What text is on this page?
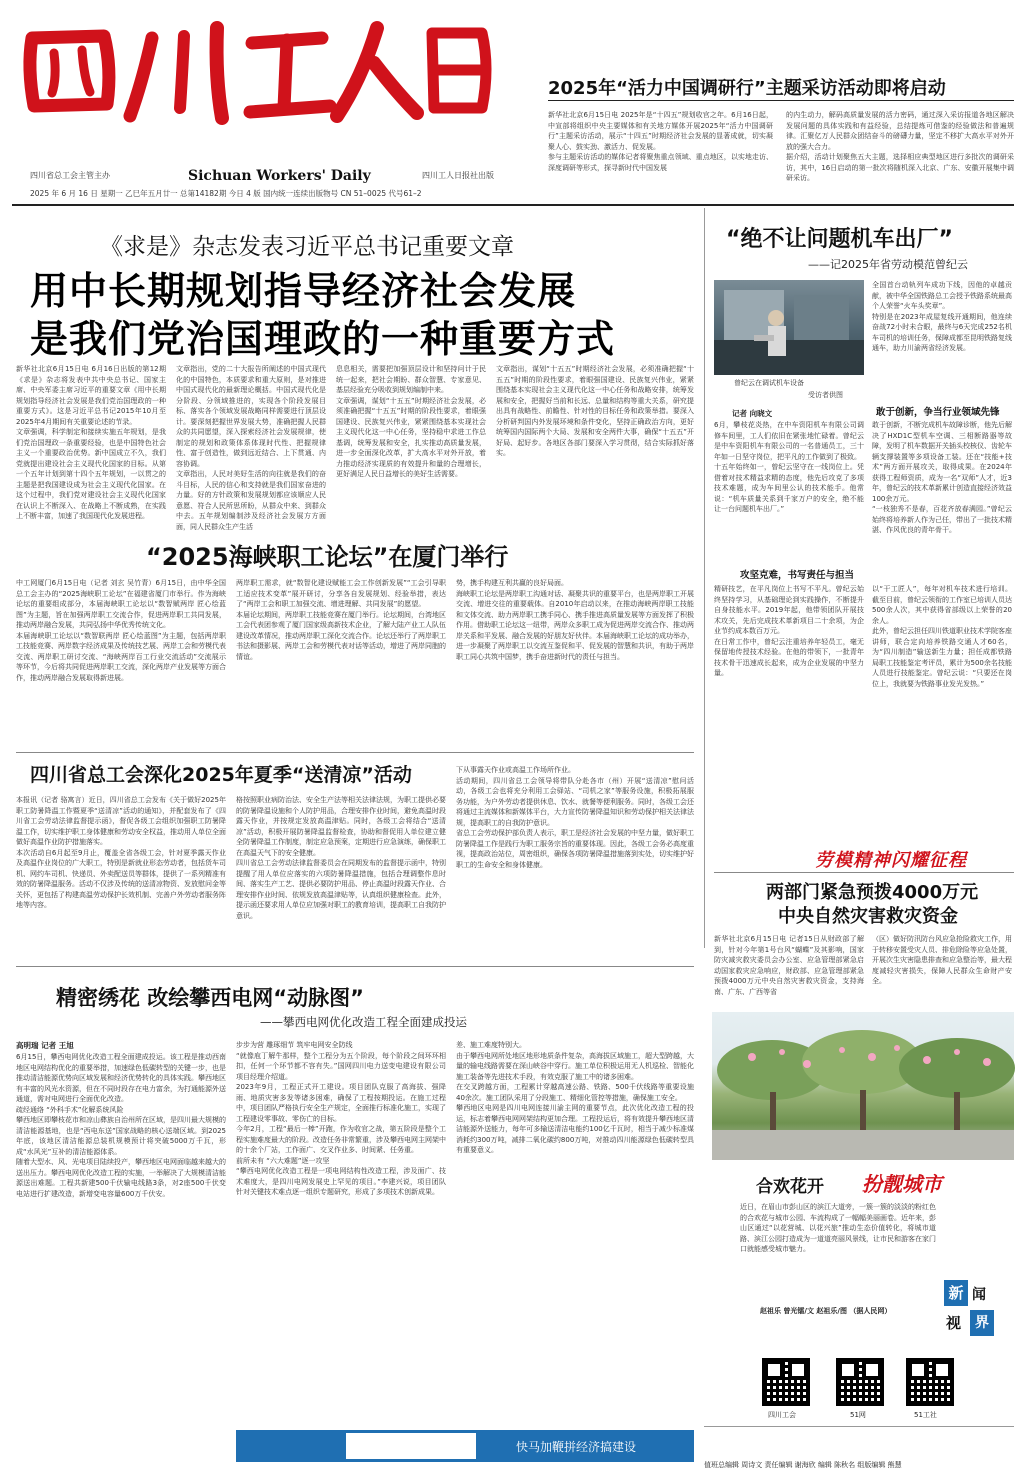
Sichuan Workers' Daily
四川省总工会主管主办	四川工人日报社出版
2025 年 6 月 16 日 星期一 乙巳年五月廿一 总第14182期 今日 4 版 国内统一连续出版物号 CN 51–0025 代号61–2
2025年“活力中国调研行”主题采访活动即将启动
新华社北京6月15日电 2025年是“十四五”规划收官之年。6月16日起，中宣部将组织中央主要媒体和有关地方媒体开展2025年“活力中国调研行”主题采访活动，展示“十四五”时期经济社会发展的显著成就，切实凝聚人心、鼓实劲、激活力、促发展。
参与主题采访活动的媒体记者将聚焦重点领域、重点地区，以实地走访、深度调研等形式，探寻新时代中国发展
的内生动力，解码高质量发展的活力密码，通过深入采访报道各地区解决发展问题的具体实践和有益经验，总结提炼可借鉴的经验做法和普遍规律。汇聚亿万人民群众团结奋斗的磅礴力量，坚定不移扩大高水平对外开放的强大合力。
据介绍，活动计划聚焦五大主题，选择相应典型地区进行多批次的调研采访，其中，16日启动的第一批次将随机深入北京、广东、安徽开展集中调研采访。
《求是》杂志发表习近平总书记重要文章
用中长期规划指导经济社会发展
是我们党治国理政的一种重要方式
新华社北京6月15日电 6月16日出版的第12期《求是》杂志将发表中共中央总书记、国家主席、中央军委主席习近平的重要文章《用中长期规划指导经济社会发展是我们党治国理政的一种重要方式》。这是习近平总书记2015年10月至2025年4月期间有关重要论述的节录。
文章强调，科学制定和接续实施五年规划，是我们党治国理政一条重要经验，也是中国特色社会主义一个重要政治优势。新中国成立不久，我们党就提出建设社会主义现代化国家的目标。从第一个五年计划到第十四个五年规划，一以贯之的主题是把我国建设成为社会主义现代化国家。在这个过程中，我们党对建设社会主义现代化国家在认识上不断深入、在战略上不断成熟，在实践上不断丰富，加速了我国现代化发展进程。
文章指出，党的二十大报告所阐述的中国式现代化的中国特色，本质要求和重大原则，是对推进中国式现代化的最新理论概括。中国式现代化是分阶段、分领域推进的，实现各个阶段发展目标、落实各个领域发展战略同样需要进行顶层设计。要深刻把握世界发展大势，准确把握人民群众的共同愿望，深入探索经济社会发展规律，使制定的规划和政策体系体现时代性、把握规律性、富于创造性，做到远近结合、上下贯通、内容协调。
文章指出，人民对美好生活的向往就是我们的奋斗目标，人民的信心和支持就是我们国家奋进的力量。好的方针政策和发展规划都应该顺应人民意愿、符合人民所思所盼，从群众中来、到群众中去。五年规划编制涉及经济社会发展方方面面，同人民群众生产生活
息息相关，需要把加强顶层设计和坚持问计于民统一起来，把社会期盼、群众智慧、专家意见、基层经验充分吸收到规划编制中来。
文章强调，谋划“十五五”时期经济社会发展，必须准确把握“十五五”时期的阶段性要求，着眼强国建设、民族复兴伟业，紧紧围绕基本实现社会主义现代化这一中心任务，坚持稳中求进工作总基调，统筹发展和安全，扎实推动高质量发展，进一步全面深化改革，扩大高水平对外开放，着力推动经济实现质的有效提升和量的合理增长，更好满足人民日益增长的美好生活需要。
文章指出，谋划“十五五”时期经济社会发展，必须准确把握“十五五”时期的阶段性要求，着眼强国建设、民族复兴伟业，紧紧围绕基本实现社会主义现代化这一中心任务和战略安排，统筹发展和安全，把握好当前和长远、总量和结构等重大关系，研究提出具有战略性、前瞻性、针对性的目标任务和政策举措。要深入分析研判国内外发展环境和条件变化，坚持正确政治方向，更好统筹国内国际两个大局、发展和安全两件大事，确保“十五五”开好局、起好步。各地区各部门要深入学习贯彻，结合实际抓好落实。
“2025海峡职工论坛”在厦门举行
中工网厦门6月15日电（记者 刘玄 吴竹青）6月15日，由中华全国总工会主办的“2025海峡职工论坛”在福建省厦门市举行。作为海峡论坛的重要组成部分，本届海峡职工论坛以“数智赋两岸 匠心绘蓝图”为主题，旨在加强两岸职工交流合作，促进两岸职工共同发展，推动两岸融合发展，共同弘扬中华优秀传统文化。
本届海峡职工论坛以“数智联两岸 匠心绘蓝图”为主题，包括两岸职工技能竞赛、两岸数字经济成果及传统技艺展、两岸工会和劳模代表交流、两岸职工研讨交流、“海峡两岸百工行业交流活动”交流展示等环节，今后将共同促进两岸职工交流，深化两岸产业发展等方面合作，推动两岸融合发展取得新进展。
两岸职工需求，就“数智化建设赋能工会工作创新发展”“工会引导职工适应技术变革”展开研讨，分享各自发展规划、经验举措，表达了“两岸工会和职工加强交流、增进理解、共同发展”的愿望。
本届论坛期间，两岸职工技能竞赛在厦门举行。论坛期间，台湾地区工会代表团参观了厦门国家级高新技术企业，了解大陆产业工人队伍建设改革情况，推动两岸职工深化交流合作。论坛还举行了两岸职工书法和摄影展、两岸工会和劳模代表对话等活动，增进了两岸同胞的情谊。
势，携手构建互利共赢的良好局面。
海峡职工论坛是两岸职工沟通对话、凝聚共识的重要平台，也是两岸职工开展交流、增进交往的重要载体。自2010年启动以来，在推动海峡两岸职工技能和文体交流、助力两岸职工携手同心、携手推进高质量发展等方面发挥了积极作用。借助职工论坛这一纽带，两岸众多职工成为促进两岸交流合作、推动两岸关系和平发展、融合发展的好朋友好伙伴。本届海峡职工论坛的成功举办，进一步凝聚了两岸职工以交流互鉴促和平、促发展的智慧和共识，有助于两岸职工同心共筑中国梦，携手奋进新时代的责任与担当。
四川省总工会深化2025年夏季“送清凉”活动
本报讯（记者 骆寓言）近日，四川省总工会发布《关于做好2025年职工防暑降温工作暨夏季“送清凉”活动的通知》，并配套发布了《四川省工会劳动法律监督提示函》，督促各级工会组织加强职工防暑降温工作，切实维护职工身体健康和劳动安全权益，推动用人单位全面做好高温作业防护措施落实。
本次活动自6月起至9月止，覆盖全省各级工会，针对夏季露天作业及高温作业岗位的广大职工，特别是新就业形态劳动者，包括货车司机、网约车司机、快递员、外卖配送员等群体，提供了一系列精准有效的防暑降温服务。活动不仅涉及传统的送清凉物资、发放慰问金等关怀，更包括了构建高温劳动保护长效机制、完善户外劳动者服务阵地等内容。
格按照职业病防治法、安全生产法等相关法律法规，为职工提供必要的防暑降温设施和个人防护用品，合理安排作业时间，避免高温时段露天作业，并按规定发放高温津贴。同时，各级工会将结合“送清凉”活动，积极开展防暑降温监督检查，协助和督促用人单位建立健全防暑降温工作制度，制定应急预案，定期进行应急演练，确保职工在高温天气下的安全健康。
四川省总工会劳动法律监督委员会在同期发布的监督提示函中，特别提醒了用人单位应落实的六项防暑降温措施，包括合理调整作息时间、落实生产工艺、提供必要防护用品、停止高温时段露天作业、合理安排作业时间、依规发放高温津贴等，认真组织健康检查。此外，提示函还要求用人单位应加强对职工的教育培训，提高职工自我防护意识。
下从事露天作业或高温工作场所作业。
活动期间，四川省总工会领导将带队分赴各市（州）开展“送清凉”慰问活动，各级工会也将充分利用工会驿站、“司机之家”等服务设施，积极拓展服务功能，为户外劳动者提供休息、饮水、就餐等便利服务。同时，各级工会还将通过主流媒体和新媒体平台，大力宣传防暑降温知识和劳动保护相关法律法规，提高职工的自我防护意识。
省总工会劳动保护部负责人表示，职工是经济社会发展的中坚力量，做好职工防暑降温工作是践行为职工服务宗旨的重要体现。因此，各级工会务必高度重视，提高政治站位，周密组织，确保各项防暑降温措施落到实处，切实维护好职工的生命安全和身体健康。
精密绣花 改绘攀西电网“动脉图”
——攀西电网优化改造工程全面建成投运
高明瑞 记者 王旭
6月15日，攀西电网优化改造工程全面建成投运。该工程是推动西南地区电网结构优化的重要举措，加速绿色低碳转型的关键一步，也是推动清洁能源优势向区域发展和经济优势转化的具体实践。攀西地区有丰富的风光水资源，但在不同时段存在电力富余，为打通能源外送通道，需对电网进行全面优化改造。
疏经通络 “外科手术”化解系统风险
攀西地区即攀枝花市和凉山彝族自治州所在区域，是四川最大规模的清洁能源基地，也是“西电东送”国家战略的核心送端区域。到2025年底，该地区清洁能源总装机规模预计将突破5000万千瓦，形成“水风光”互补的清洁能源体系。
随着大型水、风、光电项目陆续投产，攀西地区电网面临越来越大的送出压力。攀西电网优化改造工程的实施，一举解决了大规模清洁能源送出难题。工程共新建500千伏输电线路3条，对2座500千伏变电站进行扩建改造，新增变电容量600万千伏安。
步步为营 雕琢细节 筑牢电网安全防线
“就像庖丁解牛那样，整个工程分为五个阶段，每个阶段之间环环相扣，任何一个环节都不容有失。”国网四川电力送变电建设有限公司项目经理介绍道。
2023年9月，工程正式开工建设。项目团队克服了高海拔、强降雨、地质灾害多发等诸多困难，确保了工程按期投运。在施工过程中，项目团队严格执行安全生产规定，全面推行标准化施工，实现了工程建设零事故、零伤亡的目标。
今年2月，工程“最后一棒”开跑，作为收官之战，第五阶段是整个工程实施难度最大的阶段。改造任务非常繁重，涉及攀西电网主网架中的十余个厂站，工作面广、交叉作业多、时间紧、任务重。
前所未有 “六大难题”逐一攻坚
“攀西电网优化改造工程是一项电网结构性改造工程，涉及面广、技术难度大，是四川电网发展史上罕见的项目。”李建兴说，项目团队针对关键技术难点逐一组织专题研究，形成了多项技术创新成果。
差、施工难度特别大。
由于攀西电网所处地区地形地质条件复杂，高海拔区域施工，超大型跨越，大量的输电线路需要在深山峡谷中穿行。施工单位积极运用无人机巡检、智能化施工装备等先进技术手段，有效克服了施工中的诸多困难。
在交叉跨越方面，工程累计穿越高速公路、铁路、500千伏线路等重要设施40余次。施工团队采用了分段施工、精细化管控等措施，确保施工安全。
攀西地区电网是四川电网连接川渝主网的重要节点，此次优化改造工程的投运，标志着攀西电网网架结构更加合理。工程投运后，将有效提升攀西地区清洁能源外送能力，每年可多输送清洁电能约100亿千瓦时，相当于减少标准煤消耗约300万吨，减排二氧化碳约800万吨，对推动四川能源绿色低碳转型具有重要意义。
快马加鞭拼经济搞建设
“绝不让问题机车出厂”
——记2025年省劳动模范曾纪云
曾纪云在调试机车设备
受访者供图
记者 向晓文
6月，攀枝花炎热，在中车资阳机车有限公司调修车间里，工人们依旧在紧张地忙碌着。曾纪云是中车资阳机车有限公司的一名普通员工，三十年如一日坚守岗位，把平凡的工作做到了极致。
十五年始终如一，曾纪云坚守在一线岗位上。凭借着对技术精益求精的态度，他先后攻克了多项技术难题，成为车间里公认的技术能手。他常说：“机车质量关系到千家万户的安全，绝不能让一台问题机车出厂。”
攻坚克难，书写责任与担当
精研技艺，在平凡岗位上书写不平凡。曾纪云始终坚持学习，从基础理论到实践操作，不断提升自身技能水平。2019年起，他带领团队开展技术攻关，先后完成技术革新项目二十余项，为企业节约成本数百万元。
在日常工作中，曾纪云注重培养年轻员工，毫无保留地传授技术经验。在他的带领下，一批青年技术骨干迅速成长起来，成为企业发展的中坚力量。
全国首台动轨列车成功下线，因他的卓越贡献，被中华全国铁路总工会授予铁路系统最高个人荣誉“火车头奖章”。
特别是在2023年成屋复线开通期间，他连续奋战72小时未合眼，最终与6天完成252名机车司机的培训任务，保障成都至昆明铁路复线通车，助力川渝两省经济发展。
敢于创新，争当行业领域先锋
敢于创新，不断完成机车故障诊断，他先后解决了HXD1C型机车空调、三相断路器等故障，发明了机车数据开关插头校核仪、齿轮车辆支撑装置等多项设备工装。还在“技能+技术”两方面开展攻关，取得成果。在2024年获得工程师资质，成为一名“双师”人才，近3年，曾纪云的技术革新累计创造直接经济效益100余万元。
“一枝独秀不是春，百花齐放春满园。”曾纪云始终将培养新人作为己任，带出了一批技术精湛、作风优良的青年骨干。
以“干工匠人”，每年对机车技术进行培训。截至目前，曾纪云领衔的工作室已培训人员达500余人次，其中获得省部级以上荣誉的20余人。
此外，曾纪云担任四川铁道职业技术学院客座讲师，联合定向培养铁路交通人才60名，为“四川制造”输送新生力量；担任成都铁路局职工技能鉴定考评员，累计为500余名技能人员进行技能鉴定。曾纪云说：“只要还在岗位上，我就要为铁路事业发光发热。”
劳模精神闪耀征程
两部门紧急预拨4000万元
中央自然灾害救灾资金
新华社北京6月15日电 记者15日从财政部了解到，针对今年第1号台风“蝴蝶”及其影响，国家防灾减灾救灾委员会办公室、应急管理部紧急启动国家救灾应急响应，财政部、应急管理部紧急预拨4000万元中央自然灾害救灾资金，支持海南、广东、广西等省
（区）做好防汛防台风应急抢险救灾工作，用于转移安置受灾人员、排危除险等应急处置，开展次生灾害隐患排查和应急整治等，最大程度减轻灾害损失，保障人民群众生命财产安全。
合欢花开 扮靓城市
近日，在眉山市彭山区的滨江大道旁，一簇一簇的淡淡的粉红色的合欢花与城市公园、车流构成了一幅幅美丽画卷。近年来，彭山区通过“以花营城、以花兴旅”推动生态价值转化，将城市道路、滨江公园打造成为一道道亮丽风景线，让市民和游客在家门口就能感受城市魅力。
赵祖乐 曾光镭/文 赵祖乐/图 （据人民网）
新 闻
视 界
四川工会	51网	51工社
值班总编辑 周诗文 责任编辑 谢海欣 编辑 陈秋名 组版编辑 熊慧
